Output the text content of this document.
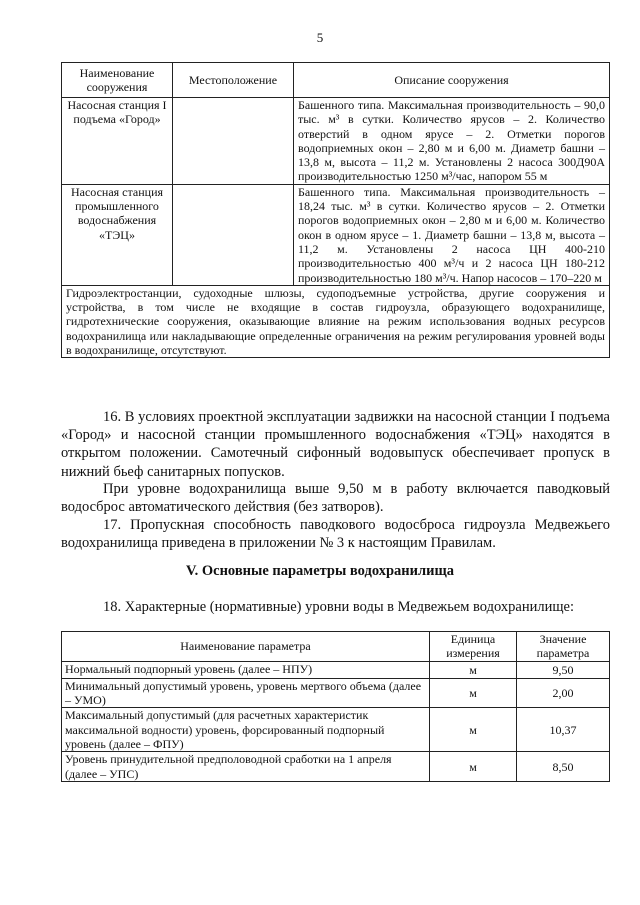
5
Наименование сооружения	Местоположение	Описание сооружения
Насосная станция I подъема «Город»		Башенного типа. Максимальная производительность – 90,0 тыс. м³ в сутки. Количество ярусов – 2. Количество отверстий в одном ярусе – 2. Отметки порогов водоприемных окон – 2,80 м и 6,00 м. Диаметр башни – 13,8 м, высота – 11,2 м. Установлены 2 насоса 300Д90А производительностью 1250 м³/час, напором 55 м
Насосная станция промышленного водоснабжения «ТЭЦ»		Башенного типа. Максимальная производительность – 18,24 тыс. м³ в сутки. Количество ярусов – 2. Отметки порогов водоприемных окон – 2,80 м и 6,00 м. Количество окон в одном ярусе – 1. Диаметр башни – 13,8 м, высота – 11,2 м. Установлены 2 насоса ЦН 400-210 производительностью 400 м³/ч и 2 насоса ЦН 180-212 производительностью 180 м³/ч. Напор насосов – 170–220 м
Гидроэлектростанции, судоходные шлюзы, судоподъемные устройства, другие сооружения и устройства, в том числе не входящие в состав гидроузла, образующего водохранилище, гидротехнические сооружения, оказывающие влияние на режим использования водных ресурсов водохранилища или накладывающие определенные ограничения на режим регулирования уровней воды в водохранилище, отсутствуют.		
16. В условиях проектной эксплуатации задвижки на насосной станции I подъема «Город» и насосной станции промышленного водоснабжения «ТЭЦ» находятся в открытом положении. Самотечный сифонный водовыпуск обеспечивает пропуск в нижний бьеф санитарных попусков.
При уровне водохранилища выше 9,50 м в работу включается паводковый водосброс автоматического действия (без затворов).
17. Пропускная способность паводкового водосброса гидроузла Медвежьего водохранилища приведена в приложении № 3 к настоящим Правилам.
V. Основные параметры водохранилища
18. Характерные (нормативные) уровни воды в Медвежьем водохранилище:
Наименование параметра	Единица измерения	Значение параметра
Нормальный подпорный уровень (далее – НПУ)	м	9,50
Минимальный допустимый уровень, уровень мертвого объема (далее – УМО)	м	2,00
Максимальный допустимый (для расчетных характеристик максимальной водности) уровень, форсированный подпорный уровень (далее – ФПУ)	м	10,37
Уровень принудительной предполоводной сработки на 1 апреля (далее – УПС)	м	8,50
